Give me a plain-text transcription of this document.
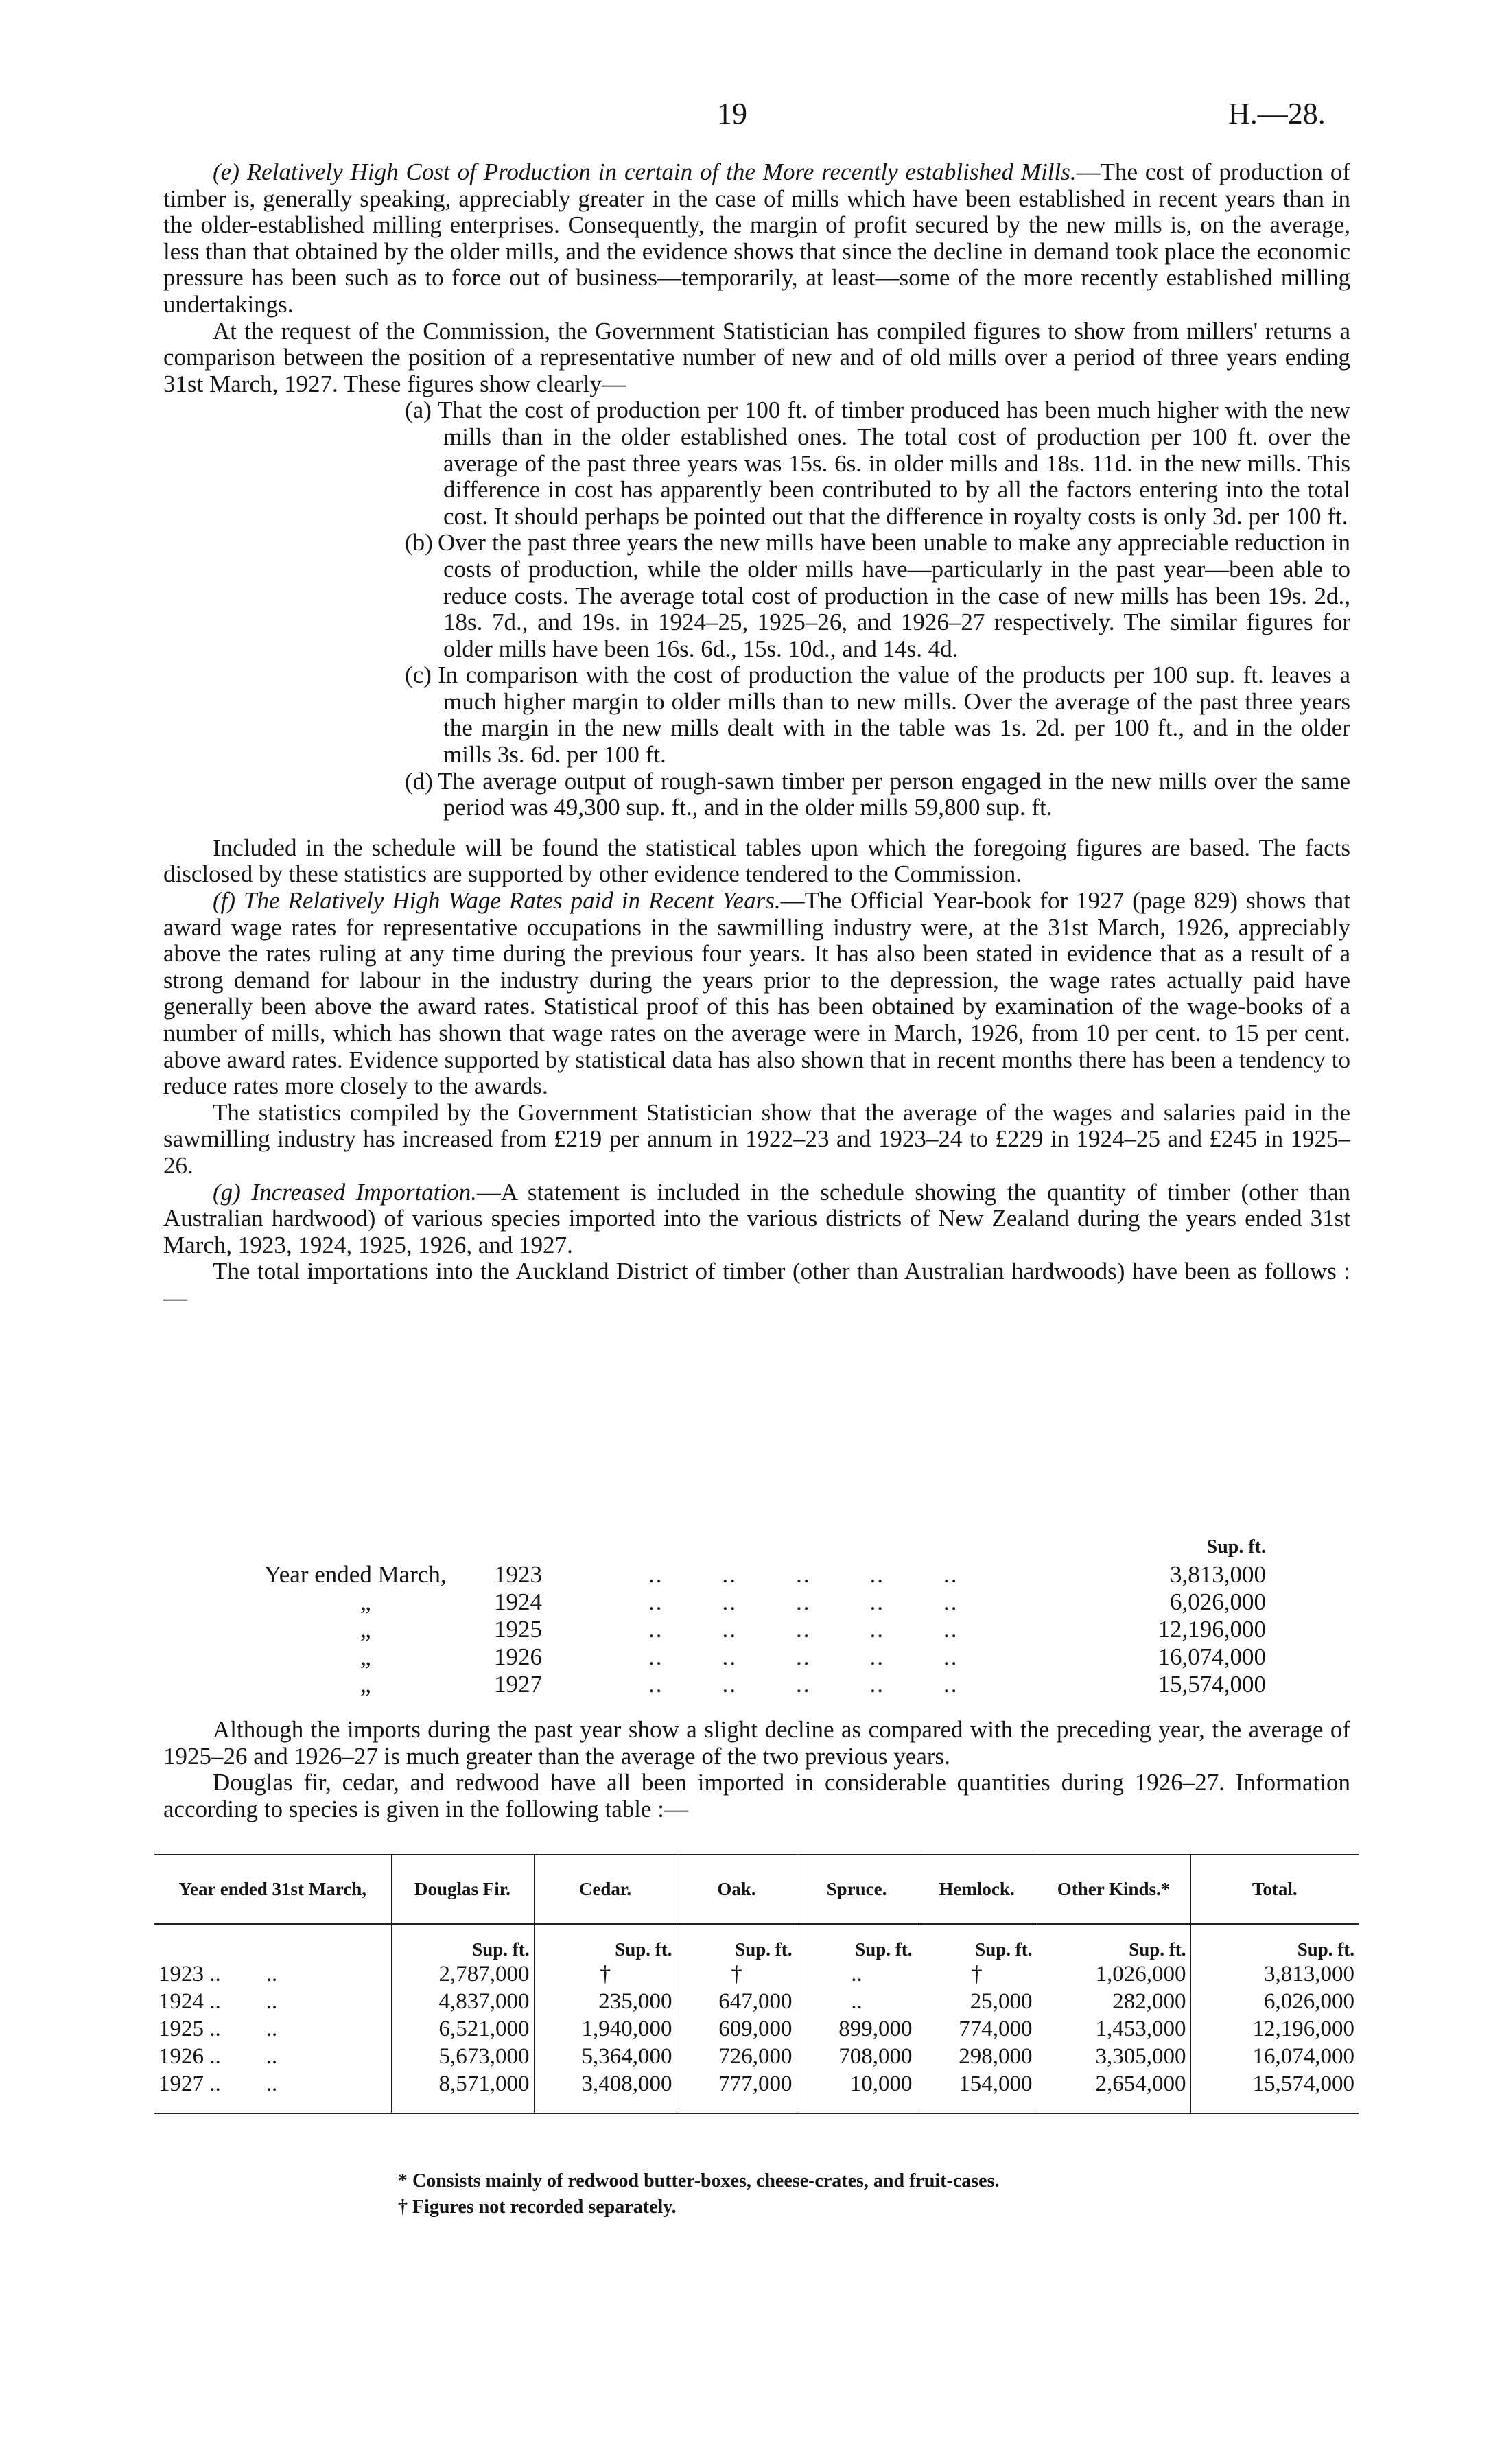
19	H.—28.

(e) Relatively High Cost of Production in certain of the More recently established Mills.—The cost of production of timber is, generally speaking, appreciably greater in the case of mills which have been established in recent years than in the older-established milling enterprises. Consequently, the margin of profit secured by the new mills is, on the average, less than that obtained by the older mills, and the evidence shows that since the decline in demand took place the economic pressure has been such as to force out of business—temporarily, at least—some of the more recently established milling undertakings.

At the request of the Commission, the Government Statistician has compiled figures to show from millers' returns a comparison between the position of a representative number of new and of old mills over a period of three years ending 31st March, 1927. These figures show clearly—

(a) That the cost of production per 100 ft. of timber produced has been much higher with the new mills than in the older established ones. The total cost of production per 100 ft. over the average of the past three years was 15s. 6s. in older mills and 18s. 11d. in the new mills. This difference in cost has apparently been contributed to by all the factors entering into the total cost. It should perhaps be pointed out that the difference in royalty costs is only 3d. per 100 ft.

(b) Over the past three years the new mills have been unable to make any appreciable reduction in costs of production, while the older mills have—particularly in the past year—been able to reduce costs. The average total cost of production in the case of new mills has been 19s. 2d., 18s. 7d., and 19s. in 1924–25, 1925–26, and 1926–27 respectively. The similar figures for older mills have been 16s. 6d., 15s. 10d., and 14s. 4d.

(c) In comparison with the cost of production the value of the products per 100 sup. ft. leaves a much higher margin to older mills than to new mills. Over the average of the past three years the margin in the new mills dealt with in the table was 1s. 2d. per 100 ft., and in the older mills 3s. 6d. per 100 ft.

(d) The average output of rough-sawn timber per person engaged in the new mills over the same period was 49,300 sup. ft., and in the older mills 59,800 sup. ft.

Included in the schedule will be found the statistical tables upon which the foregoing figures are based. The facts disclosed by these statistics are supported by other evidence tendered to the Commission.

(f) The Relatively High Wage Rates paid in Recent Years.—The Official Year-book for 1927 (page 829) shows that award wage rates for representative occupations in the sawmilling industry were, at the 31st March, 1926, appreciably above the rates ruling at any time during the previous four years. It has also been stated in evidence that as a result of a strong demand for labour in the industry during the years prior to the depression, the wage rates actually paid have generally been above the award rates. Statistical proof of this has been obtained by examination of the wage-books of a number of mills, which has shown that wage rates on the average were in March, 1926, from 10 per cent. to 15 per cent. above award rates. Evidence supported by statistical data has also shown that in recent months there has been a tendency to reduce rates more closely to the awards.

The statistics compiled by the Government Statistician show that the average of the wages and salaries paid in the sawmilling industry has increased from £219 per annum in 1922–23 and 1923–24 to £229 in 1924–25 and £245 in 1925–26.

(g) Increased Importation.—A statement is included in the schedule showing the quantity of timber (other than Australian hardwood) of various species imported into the various districts of New Zealand during the years ended 31st March, 1923, 1924, 1925, 1926, and 1927.

The total importations into the Auckland District of timber (other than Australian hardwoods) have been as follows :—

Sup. ft.
Year ended March, 1923	..        ..        ..        ..        ..	3,813,000
„	1924	..        ..        ..        ..        ..	6,026,000
„	1925	..        ..        ..        ..        ..	12,196,000
„	1926	..        ..        ..        ..        ..	16,074,000
„	1927	..        ..        ..        ..        ..	15,574,000

Although the imports during the past year show a slight decline as compared with the preceding year, the average of 1925–26 and 1926–27 is much greater than the average of the two previous years.

Douglas fir, cedar, and redwood have all been imported in considerable quantities during 1926–27. Information according to species is given in the following table :—

Year ended 31st March,	Douglas Fir.	Cedar.	Oak.	Spruce.	Hemlock.	Other Kinds.*	Total.
	Sup. ft.	Sup. ft.	Sup. ft.	Sup. ft.	Sup. ft.	Sup. ft.	Sup. ft.
1923 ..        ..	2,787,000	†	†	..	†	1,026,000	3,813,000
1924 ..        ..	4,837,000	235,000	647,000	..	25,000	282,000	6,026,000
1925 ..        ..	6,521,000	1,940,000	609,000	899,000	774,000	1,453,000	12,196,000
1926 ..        ..	5,673,000	5,364,000	726,000	708,000	298,000	3,305,000	16,074,000
1927 ..        ..	8,571,000	3,408,000	777,000	10,000	154,000	2,654,000	15,574,000
* Consists mainly of redwood butter-boxes, cheese-crates, and fruit-cases.
† Figures not recorded separately.
